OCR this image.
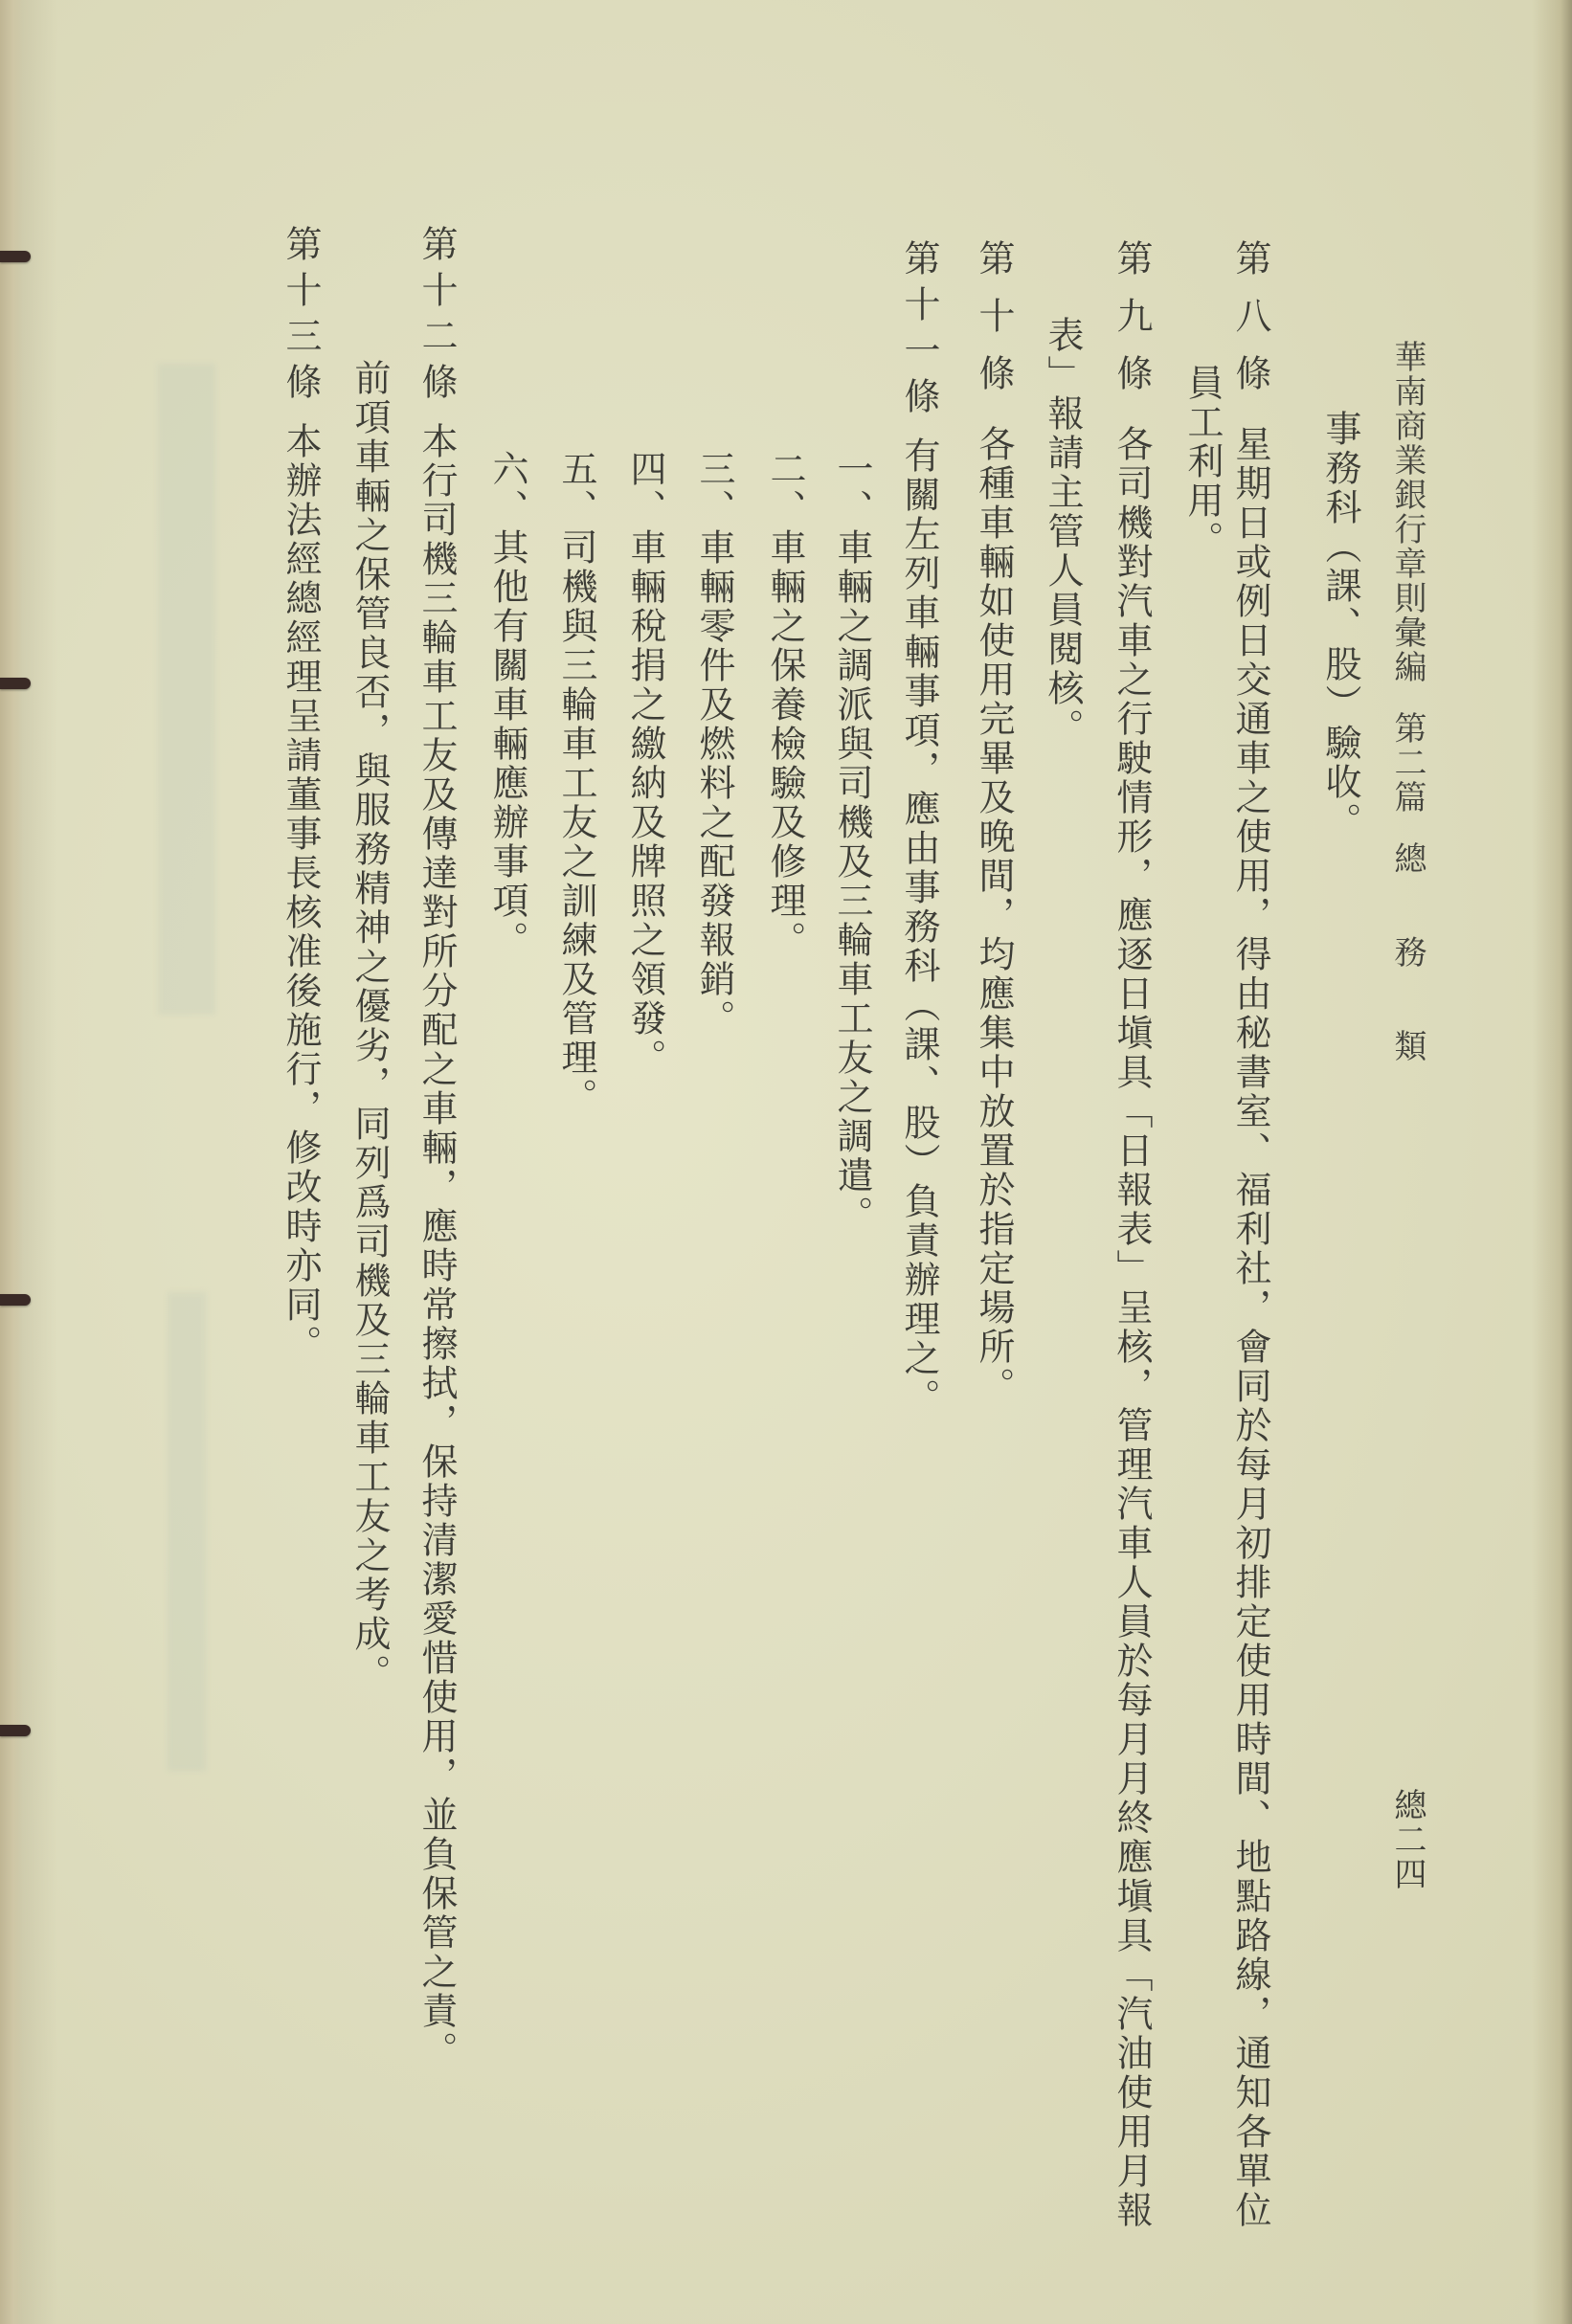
華南商業銀行章則彙編第二篇總務類
總二四
事務科（課、股）驗收。
第八條星期日或例日交通車之使用，得由秘書室、福利社，會同於每月初排定使用時間、地點路線，通知各單位
員工利用。
第九條各司機對汽車之行駛情形，應逐日塡具「日報表」呈核，管理汽車人員於每月月終應塡具「汽油使用月報
表」報請主管人員閱核。
第十條各種車輛如使用完畢及晚間，均應集中放置於指定場所。
第十一條有關左列車輛事項，應由事務科（課、股）負責辦理之。
一、車輛之調派與司機及三輪車工友之調遣。
二、車輛之保養檢驗及修理。
三、車輛零件及燃料之配發報銷。
四、車輛稅捐之繳納及牌照之領發。
五、司機與三輪車工友之訓練及管理。
六、其他有關車輛應辦事項。
第十二條本行司機三輪車工友及傳達對所分配之車輛，應時常擦拭，保持清潔愛惜使用，並負保管之責。
前項車輛之保管良否，與服務精神之優劣，同列爲司機及三輪車工友之考成。
第十三條本辦法經總經理呈請董事長核准後施行，修改時亦同。
